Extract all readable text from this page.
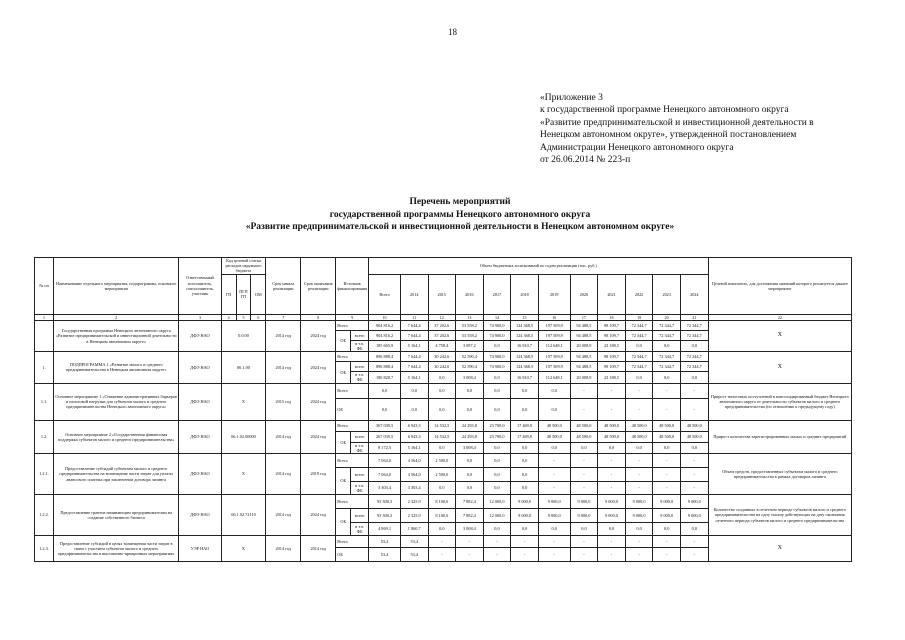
18
«Приложение 3
к государственной программе Ненецкого автономного округа
«Развитие предпринимательской и инвестиционной деятельности в
Ненецком автономном округе», утвержденной постановлением
Администрации Ненецкого автономного округа
от 26.06.2014 № 223-п
Перечень мероприятий
государственной программы Ненецкого автономного округа
«Развитие предпринимательской и инвестиционной деятельности в Ненецком автономном округе»
№ пп	Наименование отдельного мероприятия, подпрограммы, основного мероприятия	Ответственный исполнитель, соисполнитель, участник	Код целевой статьи расходов окружного бюджета			Срок начала реализации	Срок окончания реализации	Источник финансирования		Объем бюджетных ассигнований по годам реализации (тыс. руб.)												Целевой показатель, для достижения значений которого реализуется данное мероприятие
			ГП	ПГП ГП	ОМ					Всего	2014	2015	2016	2017	2018	2019	2020	2021	2022	2023	2024	

1	2	3	4	5	6	7	8	9		10	11	12	13	14	15	16	17	18	19	20	21	22
	Государственная программа Ненецкого автономного округа «Развитие предпринимательской и инвестиционной деятельности в Ненецком автономном округе»	ДФЭ НАО	0.0.00			2014 год	2024 год	Всего		904 816,2	7 644,4	37 202,6	53 558,2	74 900,0	124 368,5	197 509,9	94 488,5	98 109,7	72 344,7	72 344,7	72 344,7	Х
								ОБ	всего	904 816,2	7 644,4	37 202,6	53 558,2	74 900,0	124 368,5	197 509,9	94 488,5	98 109,7	72 344,7	72 344,7	72 344,7	
									в т.ч. ФБ	185 665,9	5 164,1	4 758,4	3 087,2	0,0	16 810,7	112 648,1	20 008,9	23 188,5	0,0	0,0	0,0	
1.	ПОДПРОГРАММА 1 «Развитие малого и среднего предпринимательства в Ненецком автономном округе»	ДФЭ НАО	06.1.00			2014 год	2024 год	Всего		896 888,4	7 644,4	30 242,6	52 590,4	74 900,0	124 368,5	197 509,9	94 488,5	98 109,7	72 344,7	72 344,7	72 344,7	Х
								ОБ	всего	896 888,4	7 644,4	30 242,6	52 590,4	74 900,0	124 368,5	197 509,9	94 488,5	98 109,7	72 344,7	72 344,7	72 344,7	
									в т.ч. ФБ	180 828,7	5 164,1	0,0	3 008,4	0,0	16 810,7	112 648,1	20 008,9	23 188,5	0,0	0,0	0,0	
1.1.	Основное мероприятие 1 «Снижение административных барьеров и налоговой нагрузки для субъектов малого и среднего предпринимательства Ненецкого автономного округа»	ДФЭ НАО	Х			2015 год	2024 год	Всего		0,0	0,0	0,0	0,0	0,0	0,0	0,0	-	-	-	-	-	Прирост налоговых поступлений в консолидированный бюджет Ненецкого автономного округа от деятельности субъектов малого и среднего предпринимательства (по отношению к предыдущему году)
								ОБ		0,0	0,0	0,0	0,0	0,0	0,0	0,0	-	-	-	-	-	
1.2.	Основное мероприятие 2 «Государственная финансовая поддержка субъектов малого и среднего предпринимательства»	ДФЭ НАО	06.1.02.00000			2014 год	2024 год	Всего		367 039,5	6 943,3	14 532,5	24 293,8	23 700,0	17 469,9	48 500,0	48 500,0	48 500,0	48 500,0	48 500,0	48 500,0	Прирост количества зарегистрированных малых и средних предприятий
								ОБ	всего	267 039,5	6 943,3	14 532,5	24 293,8	23 700,0	17 469,9	48 500,0	48 500,0	48 500,0	48 500,0	48 500,0	48 500,0	
									в т.ч. ФБ	8 172,5	5 164,1	0,0	3 008,4	0,0	0,0	0,0	0,0	0,0	0,0	0,0	0,0	
1.2.1.	Предоставление субсидий субъектам малого и среднего предпринимательства на возмещение части затрат для уплаты авансового платежа при заключении договора лизинга	ДФЭ НАО	Х			2014 год	2019 год	Всего		7 064,0	4 564,0	2 500,0	0,0	0,0	0,0	-	-	-	-	-	-	Объем средств, предоставленных субъектам малого и среднего предпринимательства в рамках договоров лизинга
								ОБ	всего	7 064,0	4 564,0	2 500,0	0,0	0,0	0,0	-	-	-	-	-	-	
									в т.ч. ФБ	3 303,4	3 303,4	0,0	0,0	0,0	0,0	-	-	-	-	-	-	
1.2.2.	Предоставление грантов начинающим предпринимателям на создание собственного бизнеса	ДФЭ НАО	06.1.02.72110			2014 год	2024 год	Всего		93 308,3	2 325,9	8 100,0	7 882,4	12 000,0	9 000,0	9 000,0	9 000,0	9 000,0	9 000,0	9 000,0	9 000,0	Количество созданных в отчетном периоде субъектов малого и среднего предпринимательства на одну тысячу действующих на дату окончания отчетного периода субъектов малого и среднего предпринимательства
								ОБ	всего	93 308,3	2 325,9	8 100,0	7 882,4	12 000,0	9 000,0	9 000,0	9 000,0	9 000,0	9 000,0	9 000,0	9 000,0	
									в т.ч. ФБ	4 869,1	1 860,7	0,0	3 008,4	0,0	0,0	0,0	0,0	0,0	0,0	0,0	0,0	
1.2.3.	Предоставление субсидий в целях возмещения части затрат в связи с участием субъектов малого и среднего предпринимательства в выставочно-ярмарочных мероприятиях	УЭР НАО	Х			2014 год	2014 год	Всего		53,4	53,4	-	-	-	-	-	-	-	-	-	-	Х
								ОБ		53,4	53,4	-	-	-	-	-	-	-	-	-	-	
